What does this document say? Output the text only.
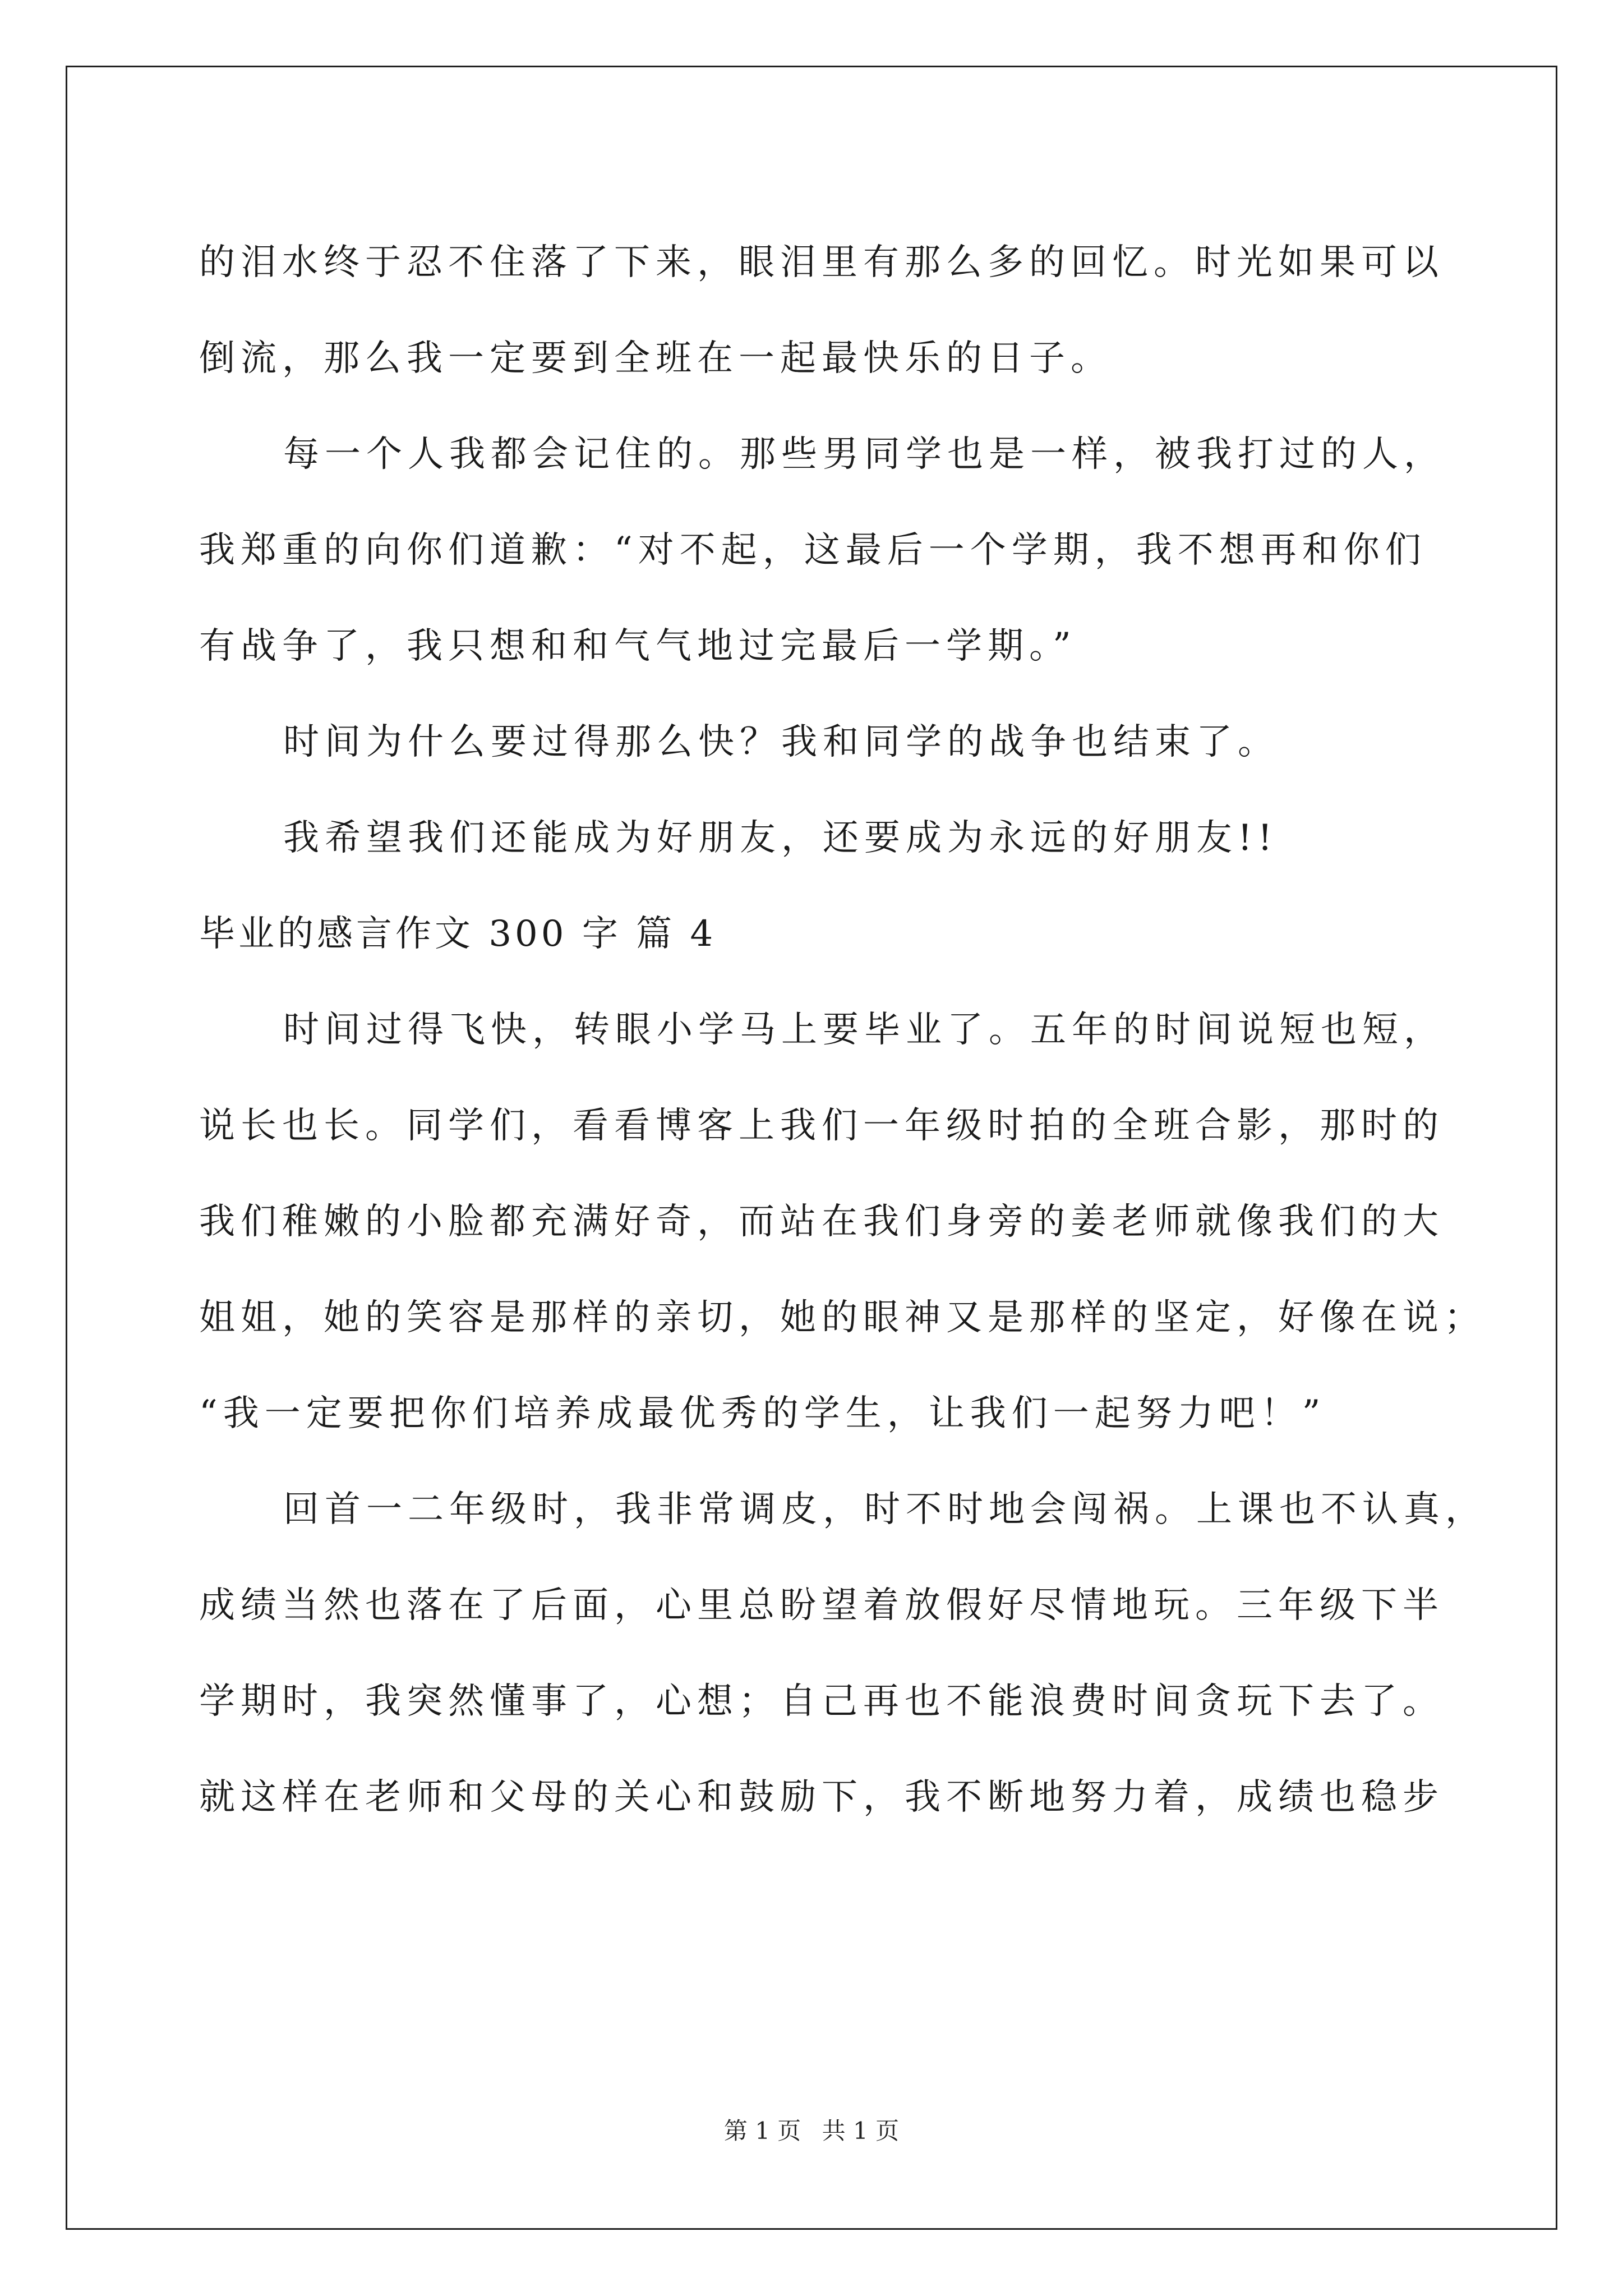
的泪水终于忍不住落了下来，眼泪里有那么多的回忆。时光如果可以
倒流，那么我一定要到全班在一起最快乐的日子。
每一个人我都会记住的。那些男同学也是一样，被我打过的人，
我郑重的向你们道歉：“对不起，这最后一个学期，我不想再和你们
有战争了，我只想和和气气地过完最后一学期。”
时间为什么要过得那么快？我和同学的战争也结束了。
我希望我们还能成为好朋友，还要成为永远的好朋友!!
毕业的感言作文 300 字 篇 4
时间过得飞快，转眼小学马上要毕业了。五年的时间说短也短，
说长也长。同学们，看看博客上我们一年级时拍的全班合影，那时的
我们稚嫩的小脸都充满好奇，而站在我们身旁的姜老师就像我们的大
姐姐，她的笑容是那样的亲切，她的眼神又是那样的坚定，好像在说；
“我一定要把你们培养成最优秀的学生，让我们一起努力吧！”
回首一二年级时，我非常调皮，时不时地会闯祸。上课也不认真，
成绩当然也落在了后面，心里总盼望着放假好尽情地玩。三年级下半
学期时，我突然懂事了，心想；自己再也不能浪费时间贪玩下去了。
就这样在老师和父母的关心和鼓励下，我不断地努力着，成绩也稳步
第 1 页 共 1 页
